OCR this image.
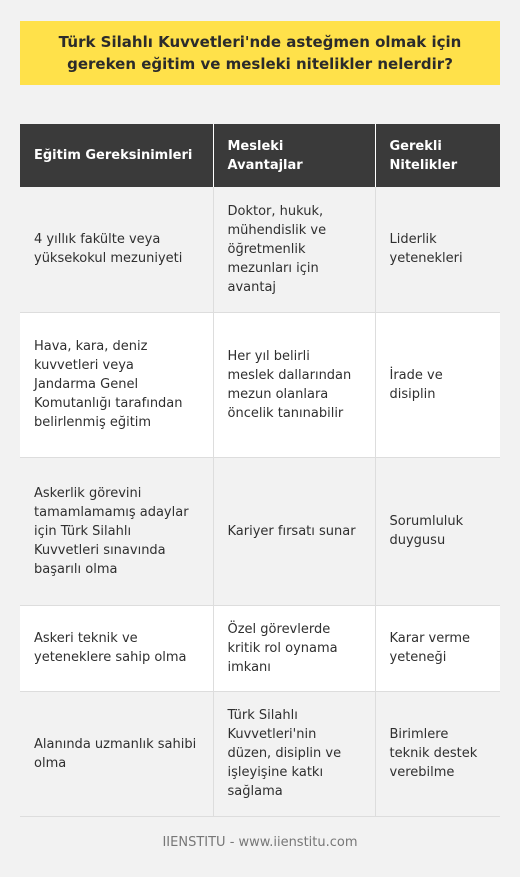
Türk Silahlı Kuvvetleri'nde asteğmen olmak için gereken eğitim ve mesleki nitelikler nelerdir?
Eğitim Gereksinimleri	Mesleki Avantajlar	Gerekli Nitelikler
4 yıllık fakülte veya yüksekokul mezuniyeti	Doktor, hukuk, mühendislik ve öğretmenlik mezunları için avantaj	Liderlik yetenekleri
Hava, kara, deniz kuvvetleri veya Jandarma Genel Komutanlığı tarafından belirlenmiş eğitim	Her yıl belirli meslek dallarından mezun olanlara öncelik tanınabilir	İrade ve disiplin
Askerlik görevini tamamlamamış adaylar için Türk Silahlı Kuvvetleri sınavında başarılı olma	Kariyer fırsatı sunar	Sorumluluk duygusu
Askeri teknik ve yeteneklere sahip olma	Özel görevlerde kritik rol oynama imkanı	Karar verme yeteneği
Alanında uzmanlık sahibi olma	Türk Silahlı Kuvvetleri'nin düzen, disiplin ve işleyişine katkı sağlama	Birimlere teknik destek verebilme
IIENSTITU - www.iienstitu.com
